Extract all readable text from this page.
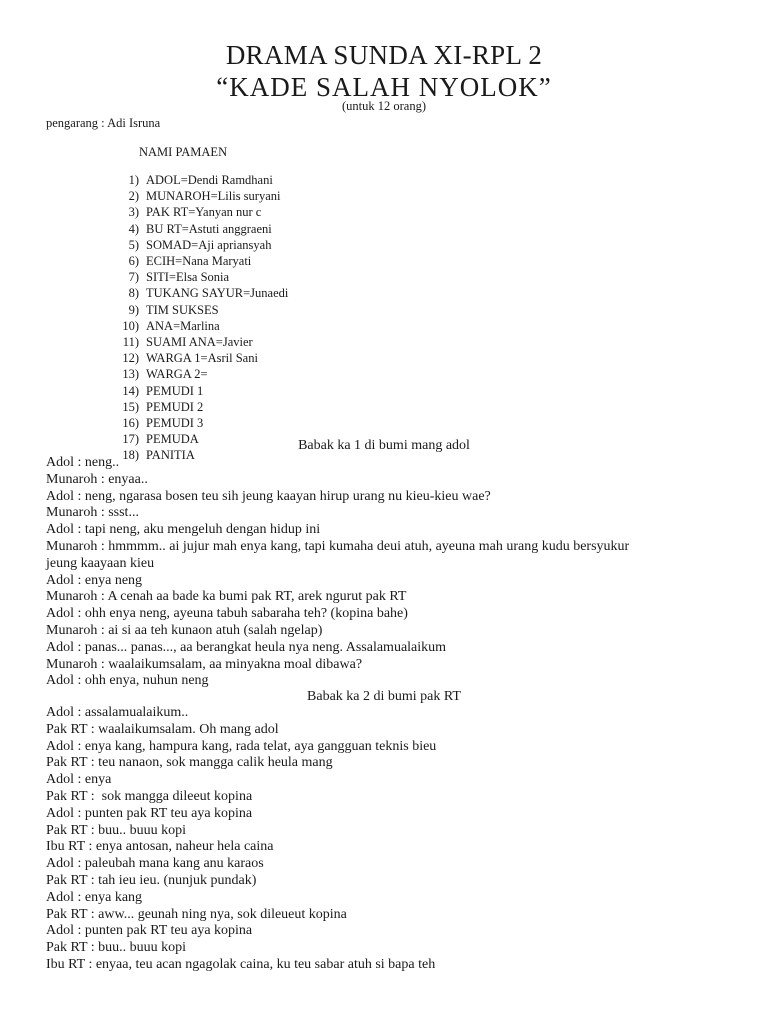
DRAMA SUNDA XI-RPL 2
“KADE SALAH NYOLOK”
(untuk 12 orang)
pengarang : Adi Isruna
NAMI PAMAEN
1) ADOL=Dendi Ramdhani
2) MUNAROH=Lilis suryani
3) PAK RT=Yanyan nur c
4) BU RT=Astuti anggraeni
5) SOMAD=Aji apriansyah
6) ECIH=Nana Maryati
7) SITI=Elsa Sonia
8) TUKANG SAYUR=Junaedi
9) TIM SUKSES
10) ANA=Marlina
11) SUAMI ANA=Javier
12) WARGA 1=Asril Sani
13) WARGA 2=
14) PEMUDI 1
15) PEMUDI 2
16) PEMUDI 3
17) PEMUDA
18) PANITIA
Babak ka 1 di bumi mang adol
Adol : neng..
Munaroh : enyaa..
Adol : neng, ngarasa bosen teu sih jeung kaayan hirup urang nu kieu-kieu wae?
Munaroh : ssst...
Adol : tapi neng, aku mengeluh dengan hidup ini
Munaroh : hmmmm.. ai jujur mah enya kang, tapi kumaha deui atuh, ayeuna mah urang kudu bersyukur
jeung kaayaan kieu
Adol : enya neng
Munaroh : A cenah aa bade ka bumi pak RT, arek ngurut pak RT
Adol : ohh enya neng, ayeuna tabuh sabaraha teh? (kopina bahe)
Munaroh : ai si aa teh kunaon atuh (salah ngelap)
Adol : panas... panas..., aa berangkat heula nya neng. Assalamualaikum
Munaroh : waalaikumsalam, aa minyakna moal dibawa?
Adol : ohh enya, nuhun neng
Babak ka 2 di bumi pak RT
Adol : assalamualaikum..
Pak RT : waalaikumsalam. Oh mang adol
Adol : enya kang, hampura kang, rada telat, aya gangguan teknis bieu
Pak RT : teu nanaon, sok mangga calik heula mang
Adol : enya
Pak RT :  sok mangga dileeut kopina
Adol : punten pak RT teu aya kopina
Pak RT : buu.. buuu kopi
Ibu RT : enya antosan, naheur hela caina
Adol : paleubah mana kang anu karaos
Pak RT : tah ieu ieu. (nunjuk pundak)
Adol : enya kang
Pak RT : aww... geunah ning nya, sok dileueut kopina
Adol : punten pak RT teu aya kopina
Pak RT : buu.. buuu kopi
Ibu RT : enyaa, teu acan ngagolak caina, ku teu sabar atuh si bapa teh
